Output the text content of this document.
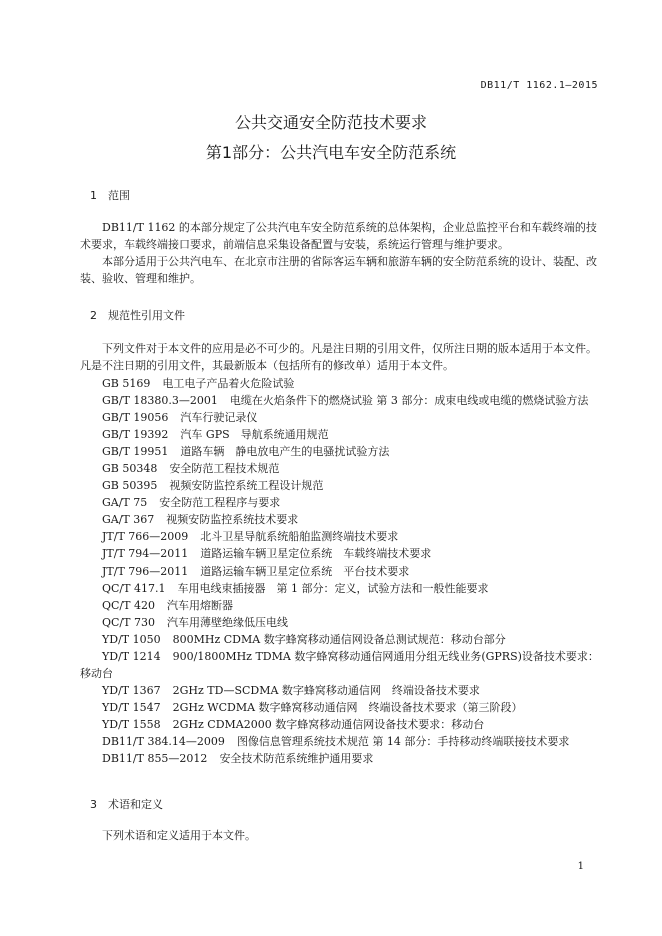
DB11/T 1162.1—2015
公共交通安全防范技术要求
第1部分：公共汽电车安全防范系统
1 范围
DB11/T 1162 的本部分规定了公共汽电车安全防范系统的总体架构，企业总监控平台和车载终端的技术要求，车载终端接口要求，前端信息采集设备配置与安装，系统运行管理与维护要求。
本部分适用于公共汽电车、在北京市注册的省际客运车辆和旅游车辆的安全防范系统的设计、装配、改装、验收、管理和维护。
2 规范性引用文件
下列文件对于本文件的应用是必不可少的。凡是注日期的引用文件，仅所注日期的版本适用于本文件。凡是不注日期的引用文件，其最新版本（包括所有的修改单）适用于本文件。
GB 5169 电工电子产品着火危险试验
GB/T 18380.3—2001 电缆在火焰条件下的燃烧试验 第 3 部分：成束电线或电缆的燃烧试验方法
GB/T 19056 汽车行驶记录仪
GB/T 19392 汽车 GPS　导航系统通用规范
GB/T 19951 道路车辆　静电放电产生的电骚扰试验方法
GB 50348 安全防范工程技术规范
GB 50395 视频安防监控系统工程设计规范
GA/T 75 安全防范工程程序与要求
GA/T 367 视频安防监控系统技术要求
JT/T 766—2009 北斗卫星导航系统船舶监测终端技术要求
JT/T 794—2011 道路运输车辆卫星定位系统　车载终端技术要求
JT/T 796—2011 道路运输车辆卫星定位系统　平台技术要求
QC/T 417.1 车用电线束插接器　第 1 部分：定义，试验方法和一般性能要求
QC/T 420 汽车用熔断器
QC/T 730 汽车用薄壁绝缘低压电线
YD/T 1050 800MHz CDMA 数字蜂窝移动通信网设备总测试规范：移动台部分
YD/T 1214 900/1800MHz TDMA 数字蜂窝移动通信网通用分组无线业务(GPRS)设备技术要求：移动台
YD/T 1367 2GHz TD—SCDMA 数字蜂窝移动通信网　终端设备技术要求
YD/T 1547 2GHz WCDMA 数字蜂窝移动通信网　终端设备技术要求（第三阶段）
YD/T 1558 2GHz CDMA2000 数字蜂窝移动通信网设备技术要求：移动台
DB11/T 384.14—2009 图像信息管理系统技术规范 第 14 部分：手持移动终端联接技术要求
DB11/T 855—2012 安全技术防范系统维护通用要求
3 术语和定义
下列术语和定义适用于本文件。
1
